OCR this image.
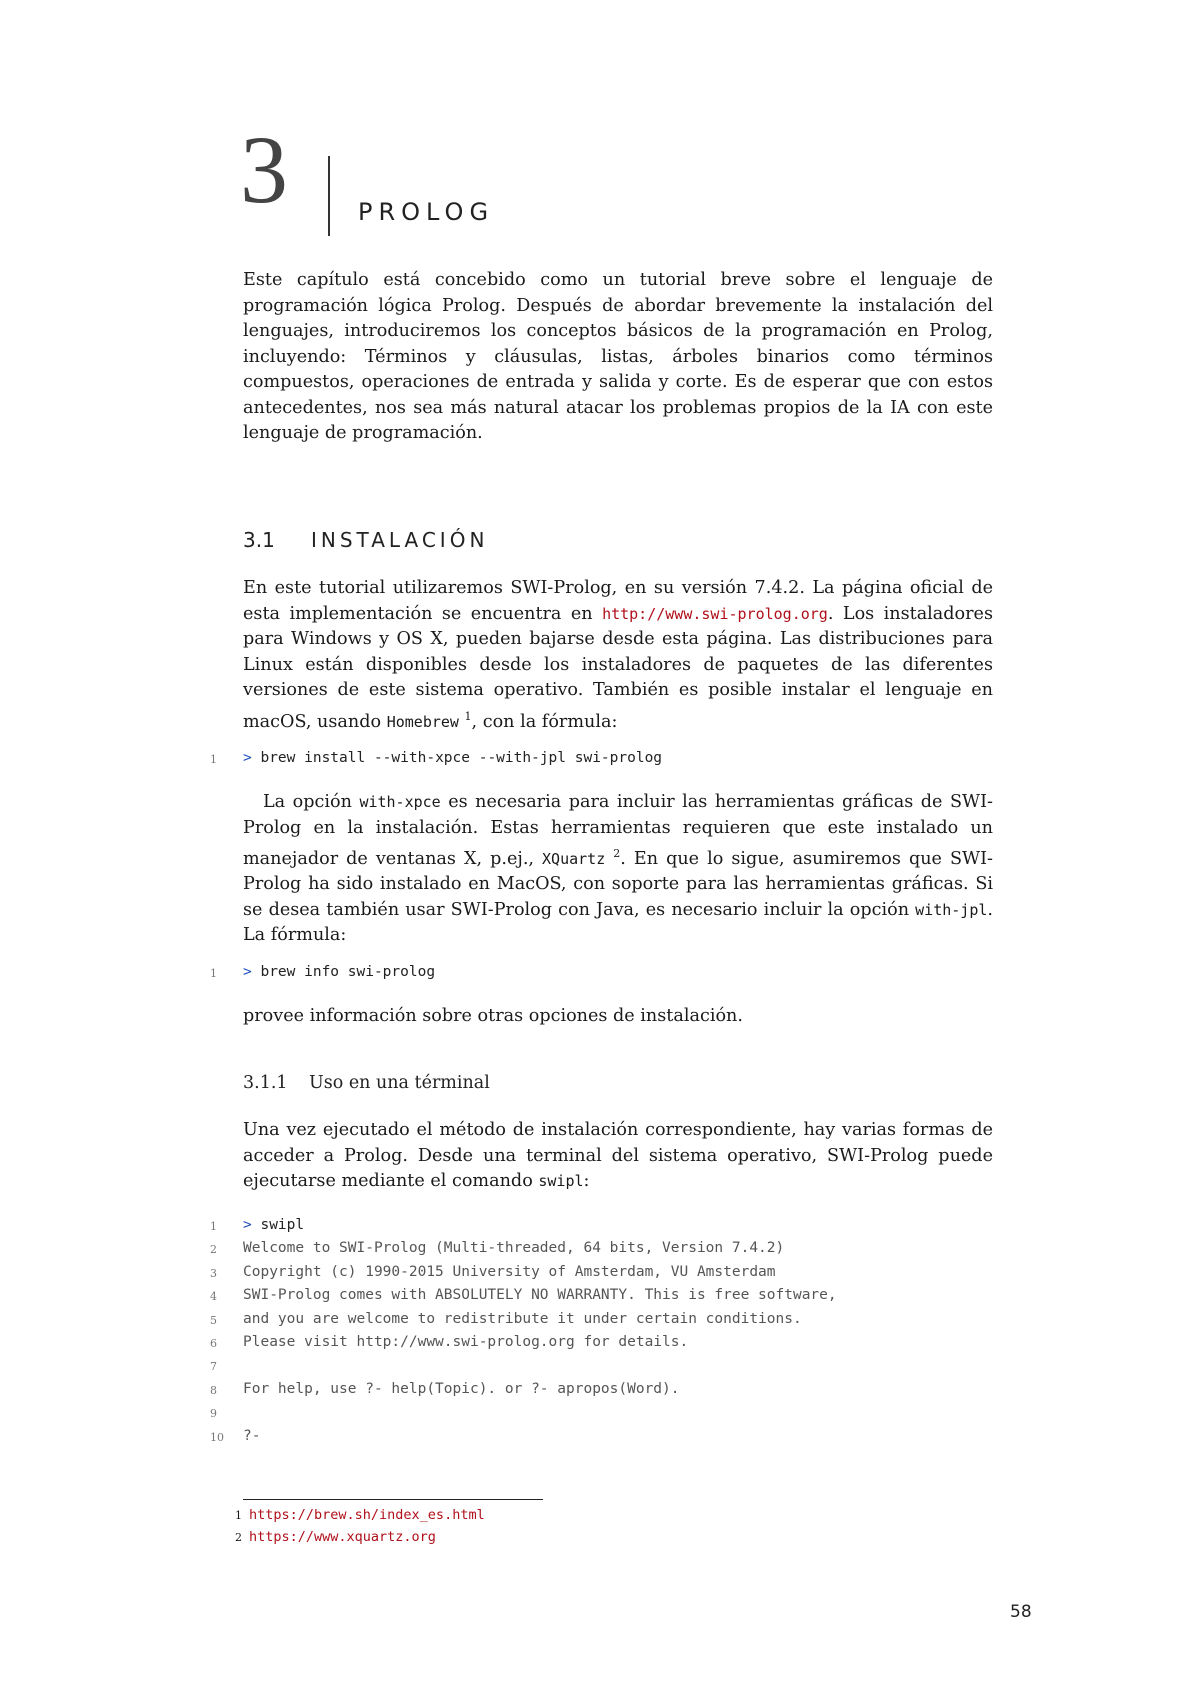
3	PROLOG

Este capítulo está concebido como un tutorial breve sobre el lenguaje de programación lógica Prolog. Después de abordar brevemente la instalación del lenguajes, introduciremos los conceptos básicos de la programación en Prolog, incluyendo: Términos y cláusulas, listas, árboles binarios como términos compuestos, operaciones de entrada y salida y corte. Es de esperar que con estos antecedentes, nos sea más natural atacar los problemas propios de la IA con este lenguaje de programación.

3.1 INSTALACIÓN

En este tutorial utilizaremos SWI-Prolog, en su versión 7.4.2. La página oficial de esta implementación se encuentra en http://www.swi-prolog.org. Los instaladores para Windows y OS X, pueden bajarse desde esta página. Las distribuciones para Linux están disponibles desde los instaladores de paquetes de las diferentes versiones de este sistema operativo. También es posible instalar el lenguaje en macOS, usando Homebrew $^1$, con la fórmula:

1

	> brew install --with-xpce --with-jpl swi-prolog

La opción with-xpce es necesaria para incluir las herramientas gráficas de SWI-Prolog en la instalación. Estas herramientas requieren que este instalado un manejador de ventanas X, p.ej., XQuartz $^2$. En que lo sigue, asumiremos que SWI-Prolog ha sido instalado en MacOS, con soporte para las herramientas gráficas. Si se desea también usar SWI-Prolog con Java, es necesario incluir la opción with-jpl. La fórmula:

1

	> brew info swi-prolog

provee información sobre otras opciones de instalación.

3.1.1 Uso en una términal

Una vez ejecutado el método de instalación correspondiente, hay varias formas de acceder a Prolog. Desde una terminal del sistema operativo, SWI-Prolog puede ejecutarse mediante el comando swipl:

1

	> swipl

2	Welcome to SWI-Prolog (Multi-threaded, 64 bits, Version 7.4.2)
3	Copyright (c) 1990-2015 University of Amsterdam, VU Amsterdam
4	SWI-Prolog comes with ABSOLUTELY NO WARRANTY. This is free software,
5	and you are welcome to redistribute it under certain conditions.
6	Please visit http://www.swi-prolog.org for details.
7
8	For help, use ?- help(Topic). or ?- apropos(Word).
9
10 ?-
1 https://brew.sh/index_es.html
2 https://www.xquartz.org
58
